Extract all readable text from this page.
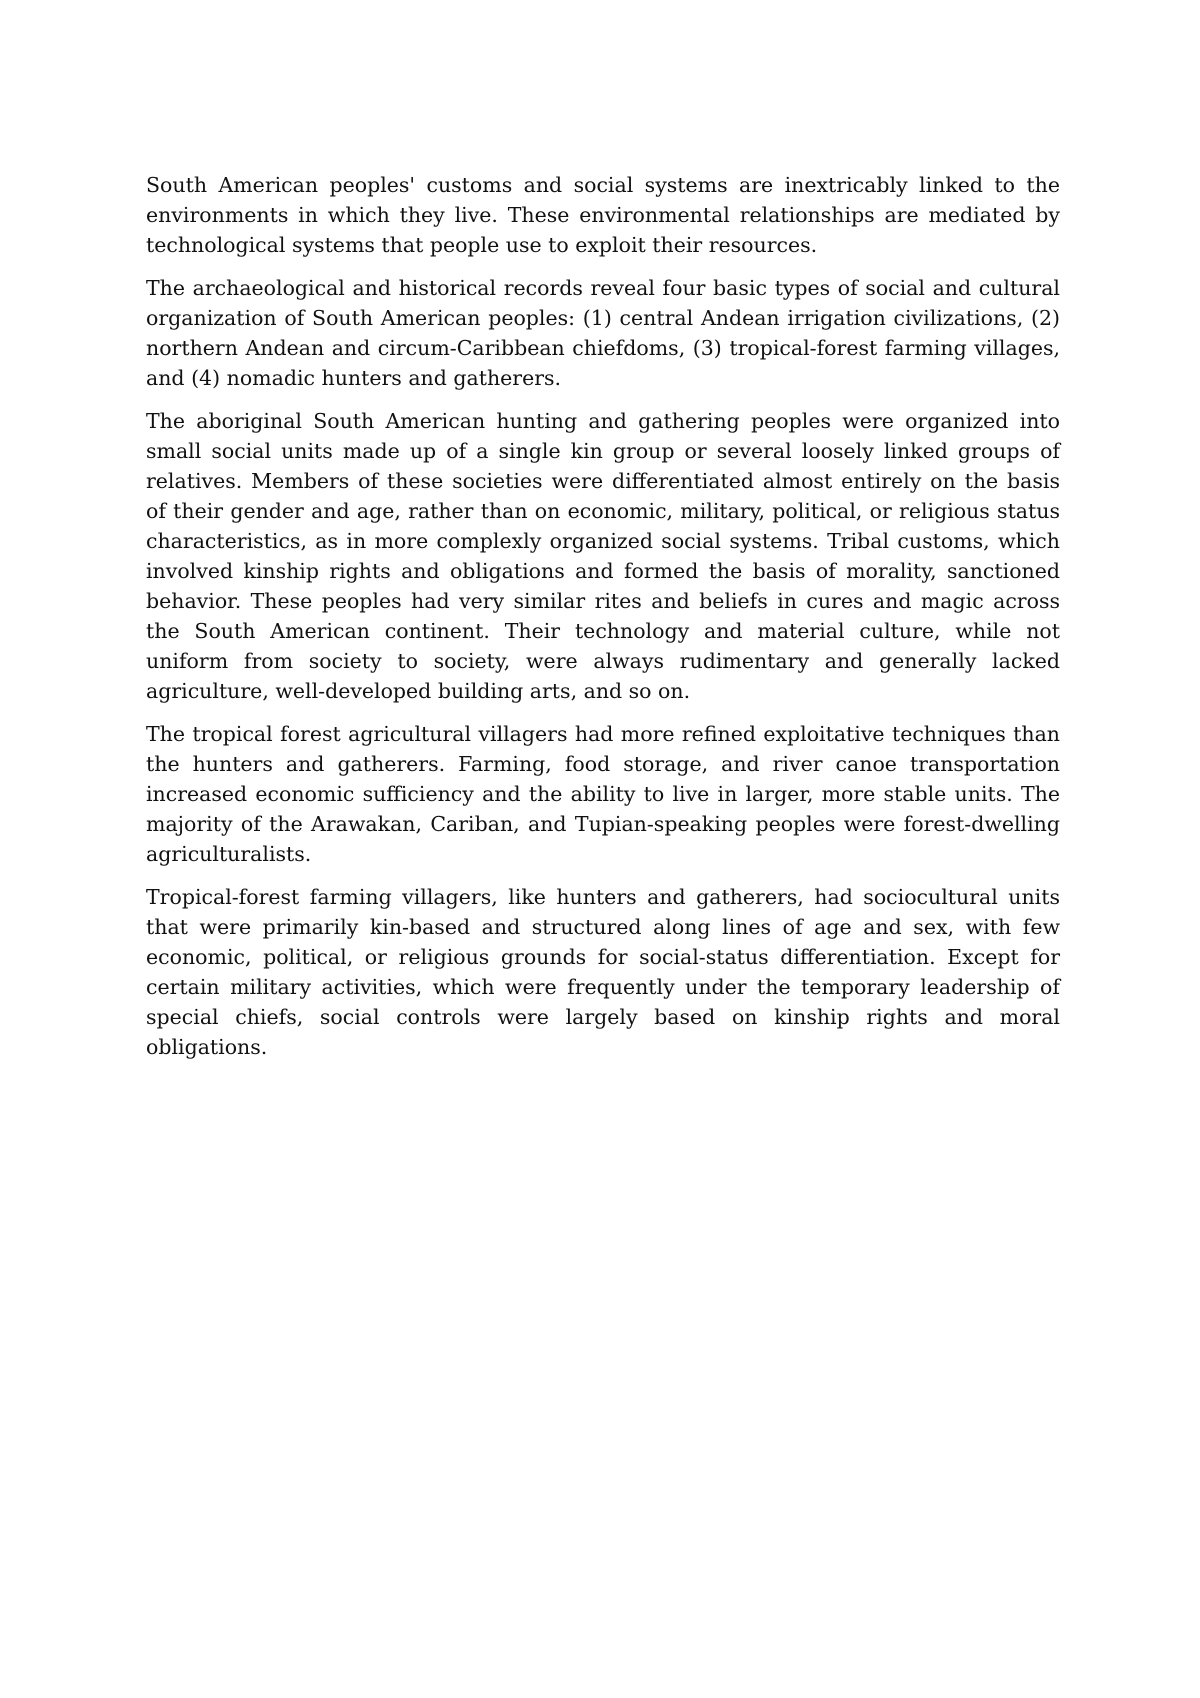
South American peoples' customs and social systems are inextricably linked to the environments in which they live. These environmental relationships are mediated by technological systems that people use to exploit their resources.

The archaeological and historical records reveal four basic types of social and cultural organization of South American peoples: (1) central Andean irrigation civilizations, (2) northern Andean and circum-Caribbean chiefdoms, (3) tropical-forest farming villages, and (4) nomadic hunters and gatherers.

The aboriginal South American hunting and gathering peoples were organized into small social units made up of a single kin group or several loosely linked groups of relatives. Members of these societies were differentiated almost entirely on the basis of their gender and age, rather than on economic, military, political, or religious status characteristics, as in more complexly organized social systems. Tribal customs, which involved kinship rights and obligations and formed the basis of morality, sanctioned behavior. These peoples had very similar rites and beliefs in cures and magic across the South American continent. Their technology and material culture, while not uniform from society to society, were always rudimentary and generally lacked agriculture, well-developed building arts, and so on.

The tropical forest agricultural villagers had more refined exploitative techniques than the hunters and gatherers. Farming, food storage, and river canoe transportation increased economic sufficiency and the ability to live in larger, more stable units. The majority of the Arawakan, Cariban, and Tupian-speaking peoples were forest-dwelling agriculturalists.

Tropical-forest farming villagers, like hunters and gatherers, had sociocultural units that were primarily kin-based and structured along lines of age and sex, with few economic, political, or religious grounds for social-status differentiation. Except for certain military activities, which were frequently under the temporary leadership of special chiefs, social controls were largely based on kinship rights and moral obligations.
